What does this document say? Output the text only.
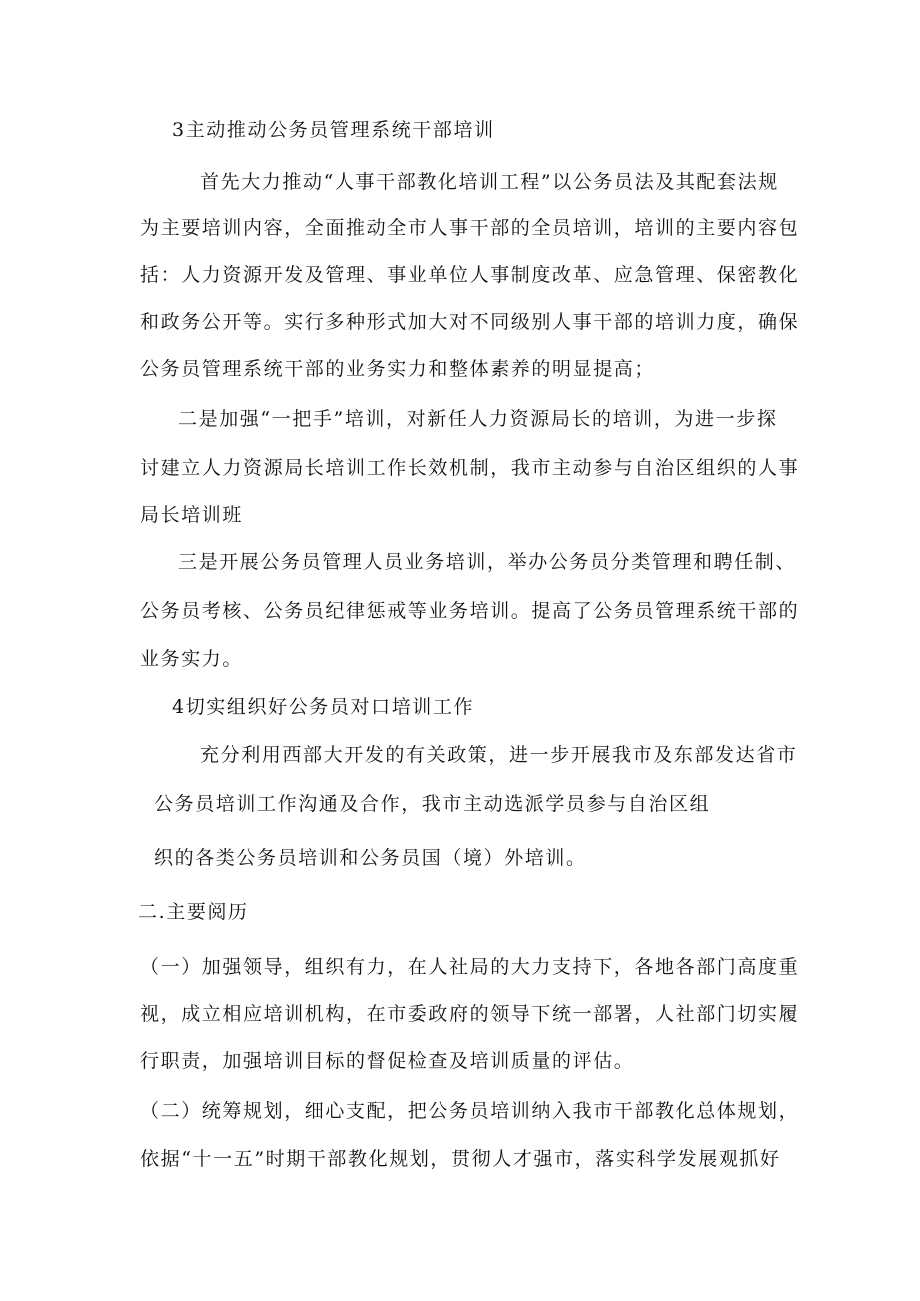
3主动推动公务员管理系统干部培训
首先大力推动“人事干部教化培训工程”以公务员法及其配套法规
为主要培训内容，全面推动全市人事干部的全员培训，培训的主要内容包
括：人力资源开发及管理、事业单位人事制度改革、应急管理、保密教化
和政务公开等。实行多种形式加大对不同级别人事干部的培训力度，确保
公务员管理系统干部的业务实力和整体素养的明显提高；
二是加强“一把手”培训，对新任人力资源局长的培训，为进一步探
讨建立人力资源局长培训工作长效机制，我市主动参与自治区组织的人事
局长培训班
三是开展公务员管理人员业务培训，举办公务员分类管理和聘任制、
公务员考核、公务员纪律惩戒等业务培训。提高了公务员管理系统干部的
业务实力。
4切实组织好公务员对口培训工作
充分利用西部大开发的有关政策，进一步开展我市及东部发达省市
公务员培训工作沟通及合作，我市主动选派学员参与自治区组
织的各类公务员培训和公务员国（境）外培训。
二.主要阅历
（一）加强领导，组织有力，在人社局的大力支持下，各地各部门高度重
视，成立相应培训机构，在市委政府的领导下统一部署，人社部门切实履
行职责，加强培训目标的督促检查及培训质量的评估。
（二）统筹规划，细心支配，把公务员培训纳入我市干部教化总体规划，
依据“十一五”时期干部教化规划，贯彻人才强市，落实科学发展观抓好
